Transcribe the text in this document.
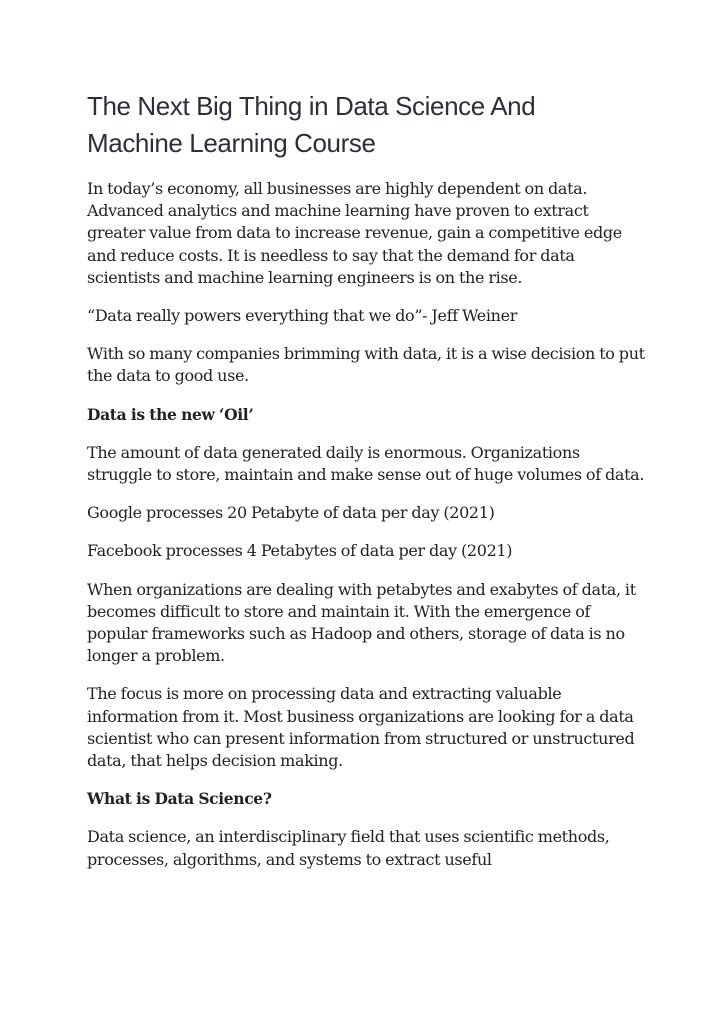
The Next Big Thing in Data Science And Machine Learning Course

In today’s economy, all businesses are highly dependent on data. Advanced analytics and machine learning have proven to extract greater value from data to increase revenue, gain a competitive edge and reduce costs. It is needless to say that the demand for data scientists and machine learning engineers is on the rise.

“Data really powers everything that we do”- Jeff Weiner

With so many companies brimming with data, it is a wise decision to put the data to good use.

Data is the new ‘Oil’

The amount of data generated daily is enormous. Organizations struggle to store, maintain and make sense out of huge volumes of data.

Google processes 20 Petabyte of data per day (2021)

Facebook processes 4 Petabytes of data per day (2021)

When organizations are dealing with petabytes and exabytes of data, it becomes difficult to store and maintain it. With the emergence of popular frameworks such as Hadoop and others, storage of data is no longer a problem.

The focus is more on processing data and extracting valuable information from it. Most business organizations are looking for a data scientist who can present information from structured or unstructured data, that helps decision making.

What is Data Science?

Data science, an interdisciplinary field that uses scientific methods, processes, algorithms, and systems to extract useful
